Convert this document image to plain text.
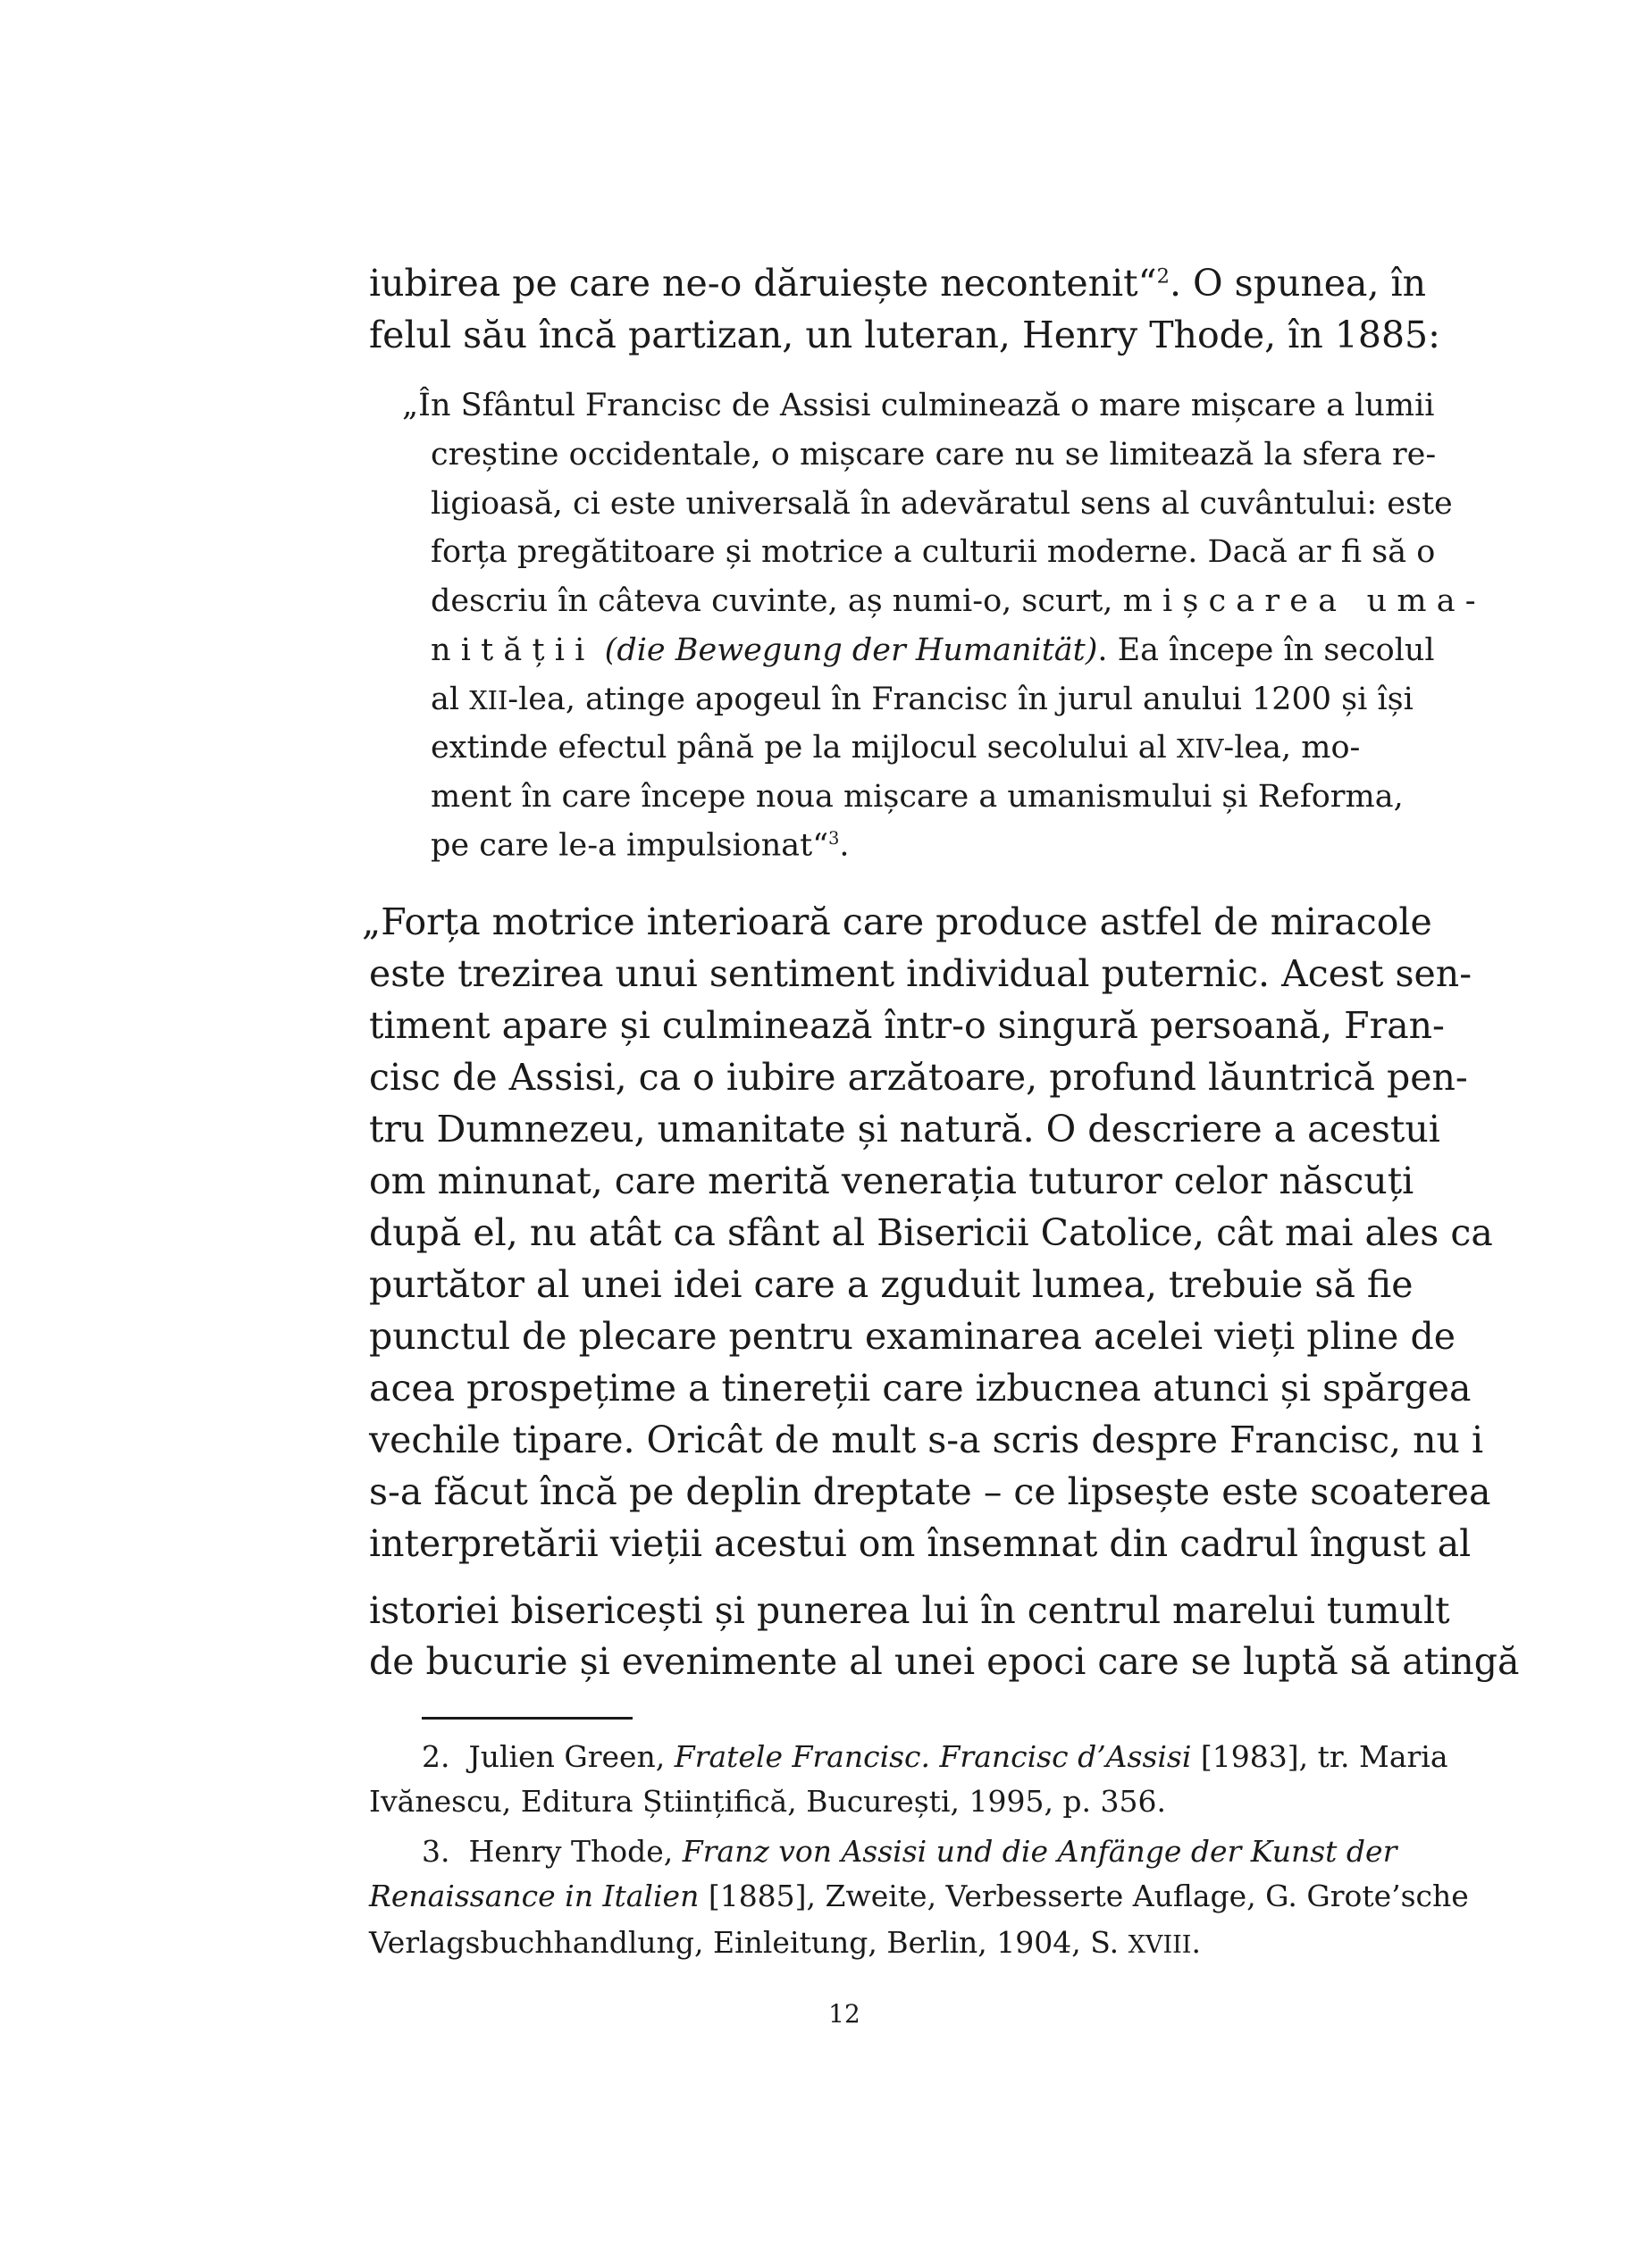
iubirea pe care ne-o dăruiește necontenit“$^2$. O spunea, în
felul său încă partizan, un luteran, Henry Thode, în 1885:
„În Sfântul Francisc de Assisi culminează o mare mișcare a lumii
creștine occidentale, o mișcare care nu se limitează la sfera re-
ligioasă, ci este universală în adevăratul sens al cuvântului: este
forța pregătitoare și motrice a culturii moderne. Dacă ar fi să o
descriu în câteva cuvinte, aș numi-o, scurt, mișcarea uma-
nității (die Bewegung der Humanität). Ea începe în secolul
al XII-lea, atinge apogeul în Francisc în jurul anului 1200 și își
extinde efectul până pe la mijlocul secolului al XIV-lea, mo-
ment în care începe noua mișcare a umanismului și Reforma,
pe care le-a impulsionat“$^3$.
„Forța motrice interioară care produce astfel de miracole
este trezirea unui sentiment individual puternic. Acest sen-
timent apare și culminează într-o singură persoană, Fran-
cisc de Assisi, ca o iubire arzătoare, profund lăuntrică pen-
tru Dumnezeu, umanitate și natură. O descriere a acestui
om minunat, care merită venerația tuturor celor născuți
după el, nu atât ca sfânt al Bisericii Catolice, cât mai ales ca
purtător al unei idei care a zguduit lumea, trebuie să fie
punctul de plecare pentru examinarea acelei vieți pline de
acea prospețime a tinereții care izbucnea atunci și spărgea
vechile tipare. Oricât de mult s-a scris despre Francisc, nu i
s-a făcut încă pe deplin dreptate – ce lipsește este scoaterea
interpretării vieții acestui om însemnat din cadrul îngust al
istoriei bisericești și punerea lui în centrul marelui tumult
de bucurie și evenimente al unei epoci care se luptă să atingă
2. Julien Green, Fratele Francisc. Francisc d’Assisi [1983], tr. Maria
Ivănescu, Editura Științifică, București, 1995, p. 356.
3. Henry Thode, Franz von Assisi und die Anfänge der Kunst der
Renaissance in Italien [1885], Zweite, Verbesserte Auflage, G. Grote’sche
Verlagsbuchhandlung, Einleitung, Berlin, 1904, S. XVIII.
12
